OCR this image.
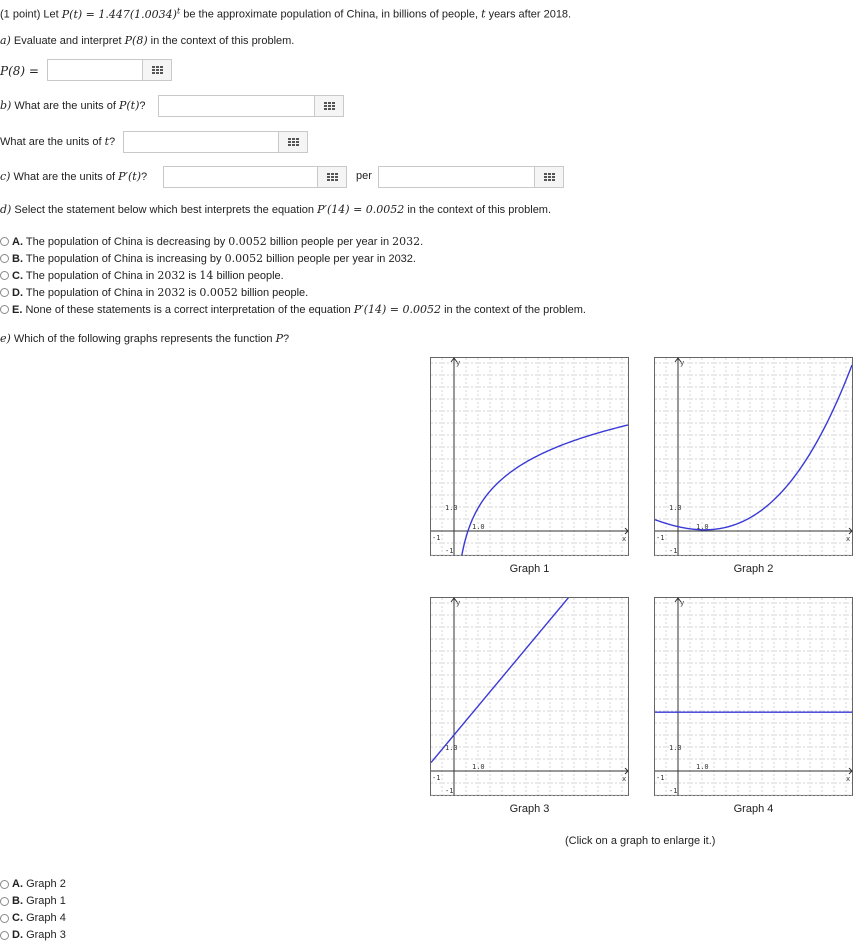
(1 point) Let $P(t) = 1.447(1.0034)^t$ be the approximate population of China, in billions of people, t years after 2018.
a) Evaluate and interpret P(8) in the context of this problem.
P(8) =
b) What are the units of P(t)?
What are the units of t?
c) What are the units of P′(t)?	per
d) Select the statement below which best interprets the equation P′(14) = 0.0052 in the context of this problem.
A. The population of China is decreasing by 0.0052 billion people per year in 2032.
B. The population of China is increasing by 0.0052 billion people per year in 2032.
C. The population of China in 2032 is 14 billion people.
D. The population of China in 2032 is 0.0052 billion people.
E. None of these statements is a correct interpretation of the equation P′(14) = 0.0052 in the context of the problem.
e) Which of the following graphs represents the function P?
y
x
1.0
1.0
-1
-1
Graph 1
y
x
1.0
1.0
-1
-1
Graph 2
y
x
1.0
1.0
-1
-1
Graph 3
y
x
1.0
1.0
-1
-1
Graph 4
(Click on a graph to enlarge it.)
A. Graph 2
B. Graph 1
C. Graph 4
D. Graph 3
